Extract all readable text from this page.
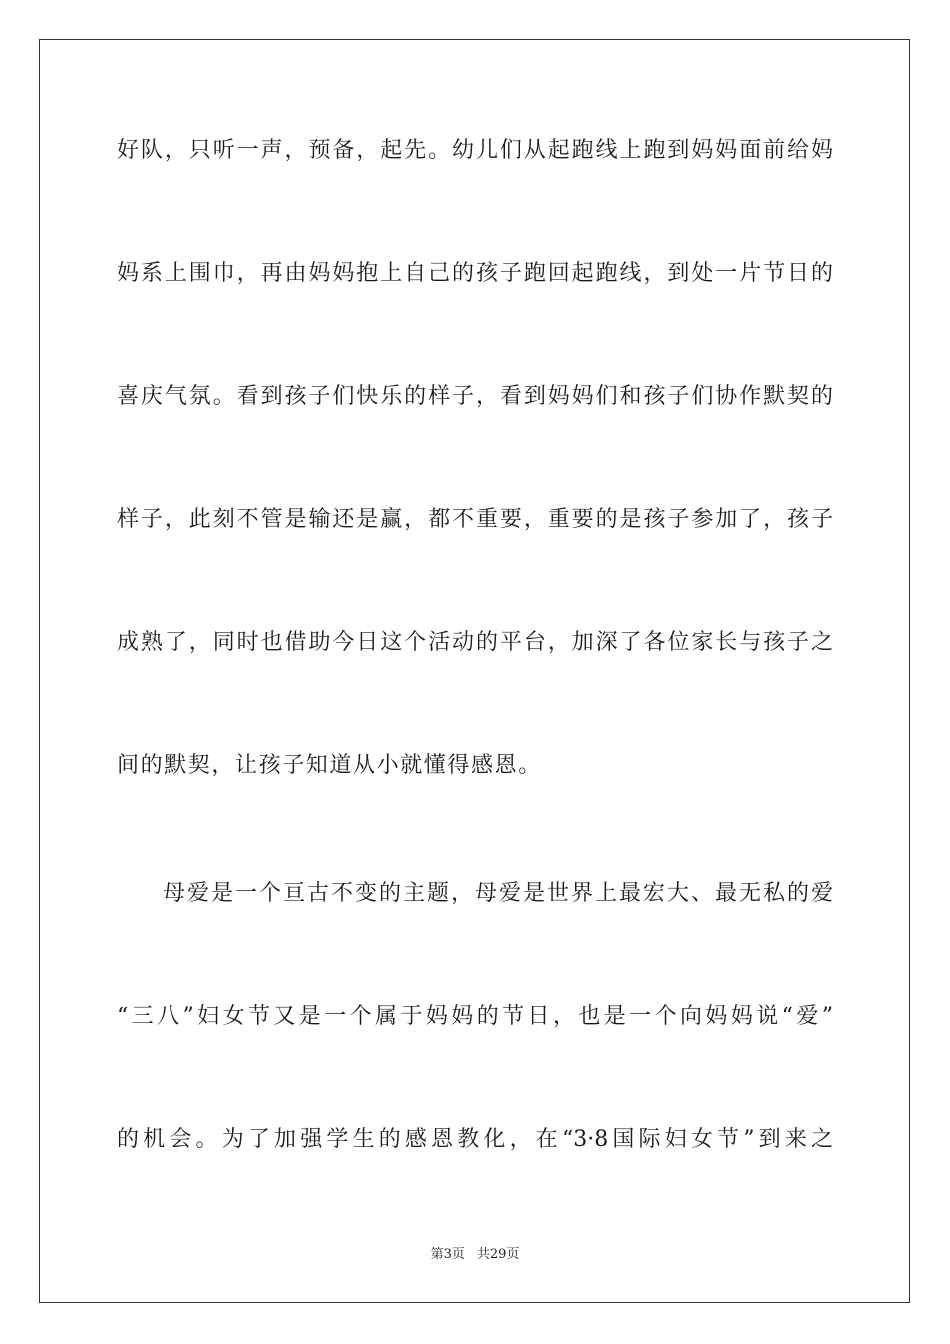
好队，只听一声，预备，起先。幼儿们从起跑线上跑到妈妈面前给妈
妈系上围巾，再由妈妈抱上自己的孩子跑回起跑线，到处一片节日的
喜庆气氛。看到孩子们快乐的样子，看到妈妈们和孩子们协作默契的
样子，此刻不管是输还是赢，都不重要，重要的是孩子参加了，孩子
成熟了，同时也借助今日这个活动的平台，加深了各位家长与孩子之
间的默契，让孩子知道从小就懂得感恩。
母爱是一个亘古不变的主题，母爱是世界上最宏大、最无私的爱
“三八”妇女节又是一个属于妈妈的节日，也是一个向妈妈说“爱”
的机会。为了加强学生的感恩教化，在“3·8国际妇女节”到来之
第3页 共29页
